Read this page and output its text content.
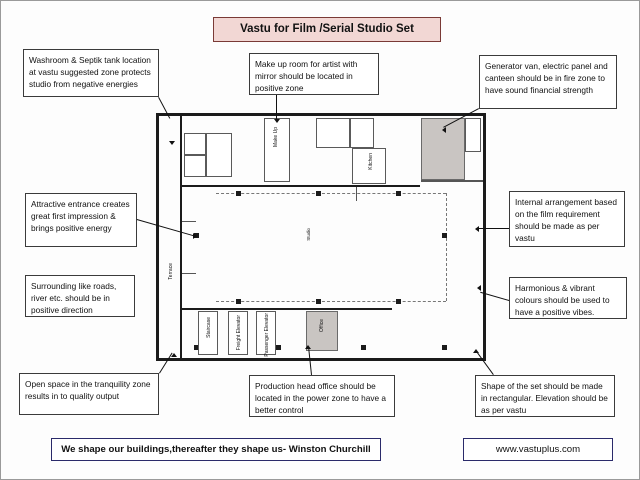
Vastu for Film /Serial Studio Set
Make Up
Kitchen
Terrace
Studio
Staircase	Freight Elevator	Passenger Elevator	Office
Washroom & Septik tank location at vastu suggested zone protects studio from negative energies
Make up room for artist with mirror should be located in positive zone
Generator van, electric panel and canteen should be in fire zone to have sound financial strength
Attractive entrance creates great first impression & brings positive energy
Internal arrangement based on the film requirement should be made as per vastu
Surrounding like roads, river etc. should be in positive direction
Harmonious & vibrant colours should be used to have a positive vibes.
Open space in the tranquility zone results in to quality output
Production head office should be located in the power zone to have a better control
Shape of the set should be made in rectangular. Elevation should be as per vastu
We shape our buildings,thereafter they shape us- Winston Churchill	www.vastuplus.com
